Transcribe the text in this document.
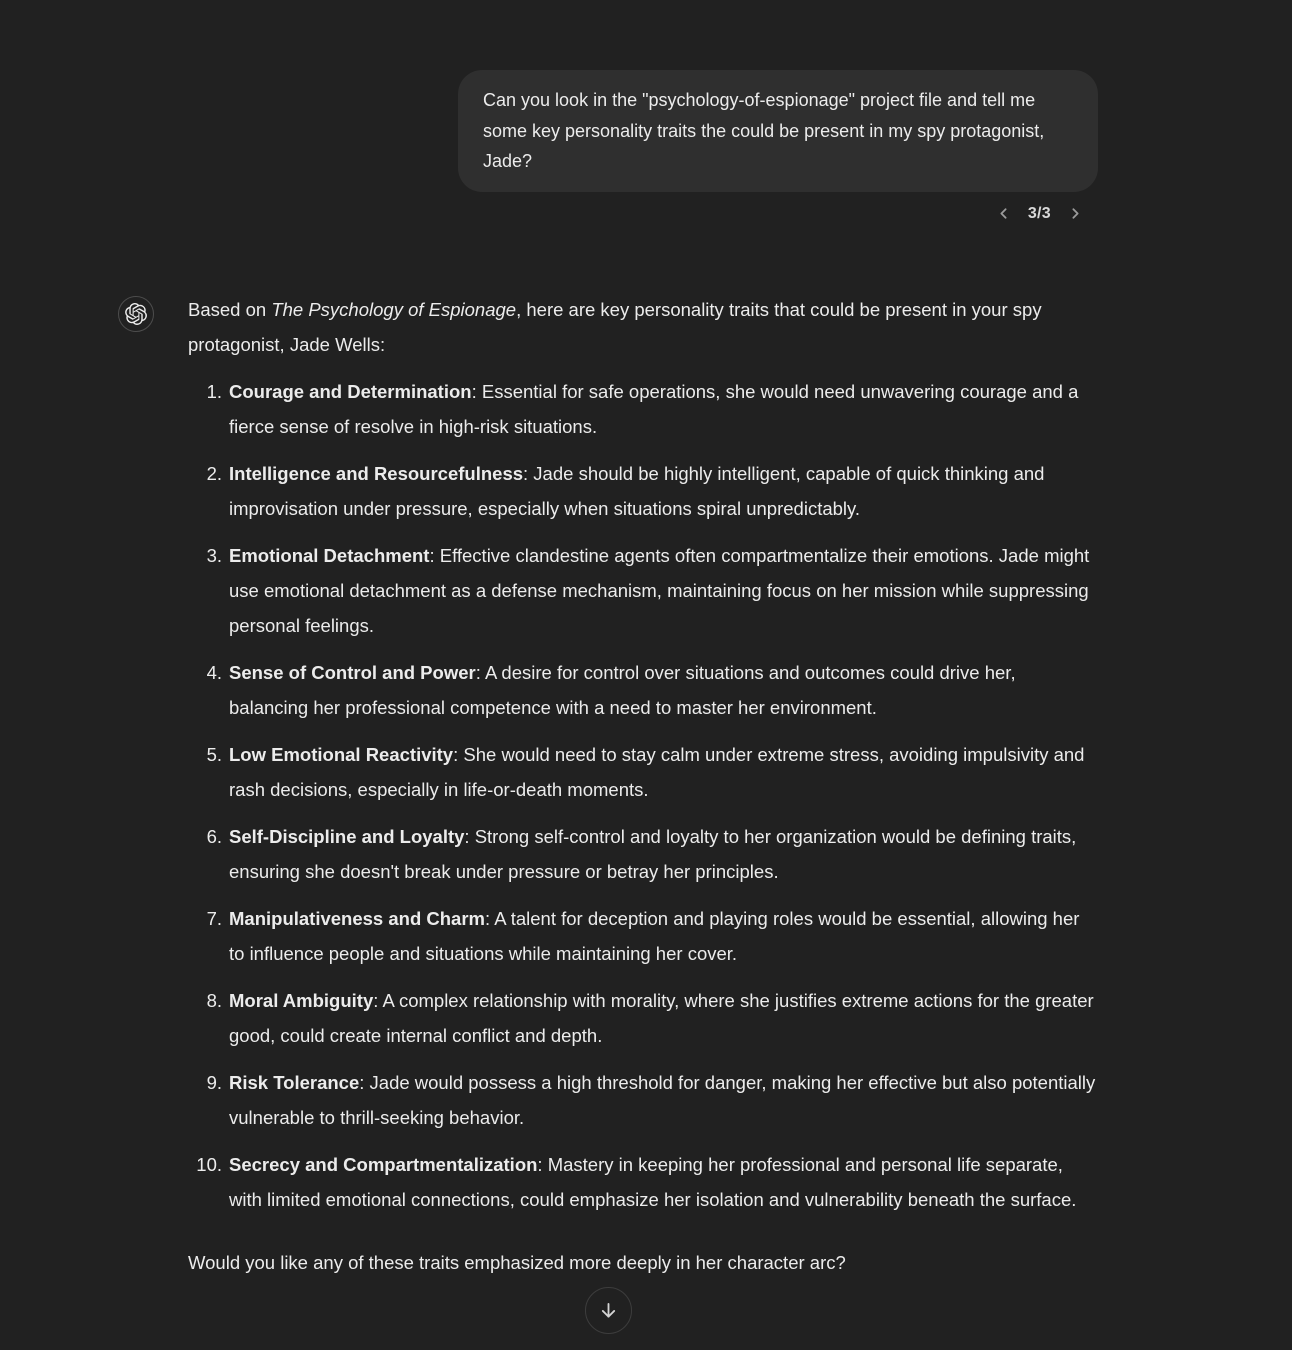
Can you look in the "psychology-of-espionage" project file and tell me some key personality traits the could be present in my spy protagonist, Jade?
3/3

Based on The Psychology of Espionage, here are key personality traits that could be present in your spy protagonist, Jade Wells:

1. Courage and Determination: Essential for safe operations, she would need unwavering courage and a fierce sense of resolve in high-risk situations.

2. Intelligence and Resourcefulness: Jade should be highly intelligent, capable of quick thinking and improvisation under pressure, especially when situations spiral unpredictably.

3. Emotional Detachment: Effective clandestine agents often compartmentalize their emotions. Jade might use emotional detachment as a defense mechanism, maintaining focus on her mission while suppressing personal feelings.

4. Sense of Control and Power: A desire for control over situations and outcomes could drive her, balancing her professional competence with a need to master her environment.

5. Low Emotional Reactivity: She would need to stay calm under extreme stress, avoiding impulsivity and rash decisions, especially in life-or-death moments.

6. Self-Discipline and Loyalty: Strong self-control and loyalty to her organization would be defining traits, ensuring she doesn't break under pressure or betray her principles.

7. Manipulativeness and Charm: A talent for deception and playing roles would be essential, allowing her to influence people and situations while maintaining her cover.

8. Moral Ambiguity: A complex relationship with morality, where she justifies extreme actions for the greater good, could create internal conflict and depth.

9. Risk Tolerance: Jade would possess a high threshold for danger, making her effective but also potentially vulnerable to thrill-seeking behavior.

10. Secrecy and Compartmentalization: Mastery in keeping her professional and personal life separate, with limited emotional connections, could emphasize her isolation and vulnerability beneath the surface.

Would you like any of these traits emphasized more deeply in her character arc?
